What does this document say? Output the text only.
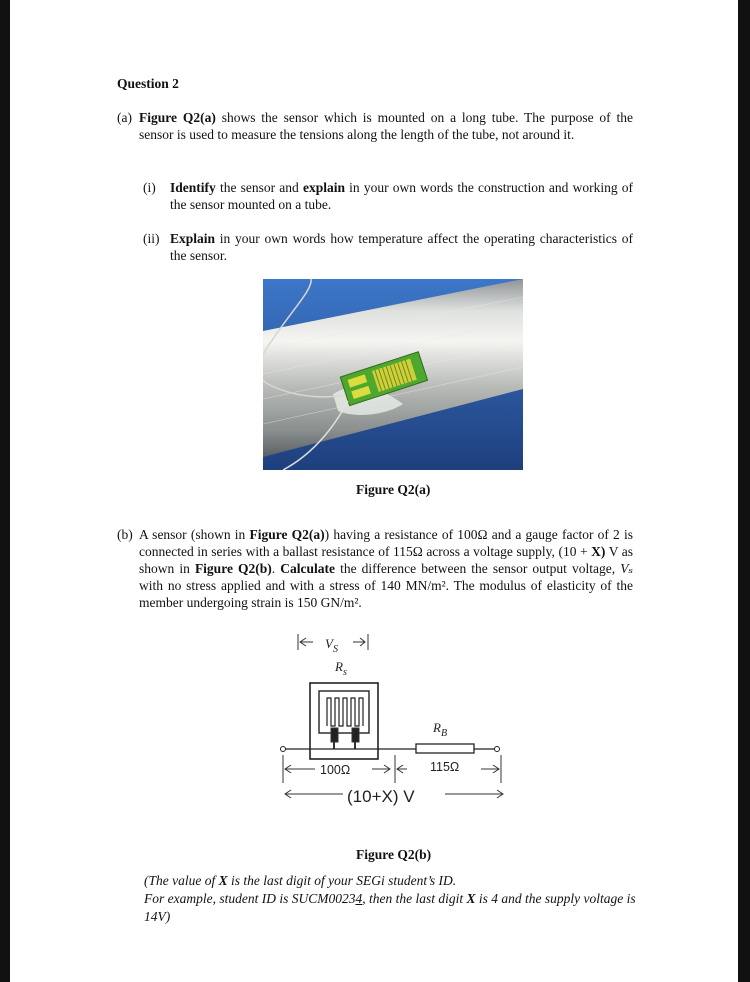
Question 2
(a) Figure Q2(a) shows the sensor which is mounted on a long tube. The purpose of the sensor is used to measure the tensions along the length of the tube, not around it.
(i) Identify the sensor and explain in your own words the construction and working of the sensor mounted on a tube.
(ii) Explain in your own words how temperature affect the operating characteristics of the sensor.
Figure Q2(a)
(b) A sensor (shown in Figure Q2(a)) having a resistance of 100Ω and a gauge factor of 2 is connected in series with a ballast resistance of 115Ω across a voltage supply, (10 + X) V as shown in Figure Q2(b). Calculate the difference between the sensor output voltage, Vₛ with no stress applied and with a stress of 140 MN/m². The modulus of elasticity of the member undergoing strain is 150 GN/m².
$V_S$
$R_s$
$R_B$
100Ω	115Ω
(10+X) V
Figure Q2(b)
(The value of X is the last digit of your SEGi student’s ID.
For example, student ID is SUCM00234, then the last digit X is 4 and the supply voltage is 14V)
